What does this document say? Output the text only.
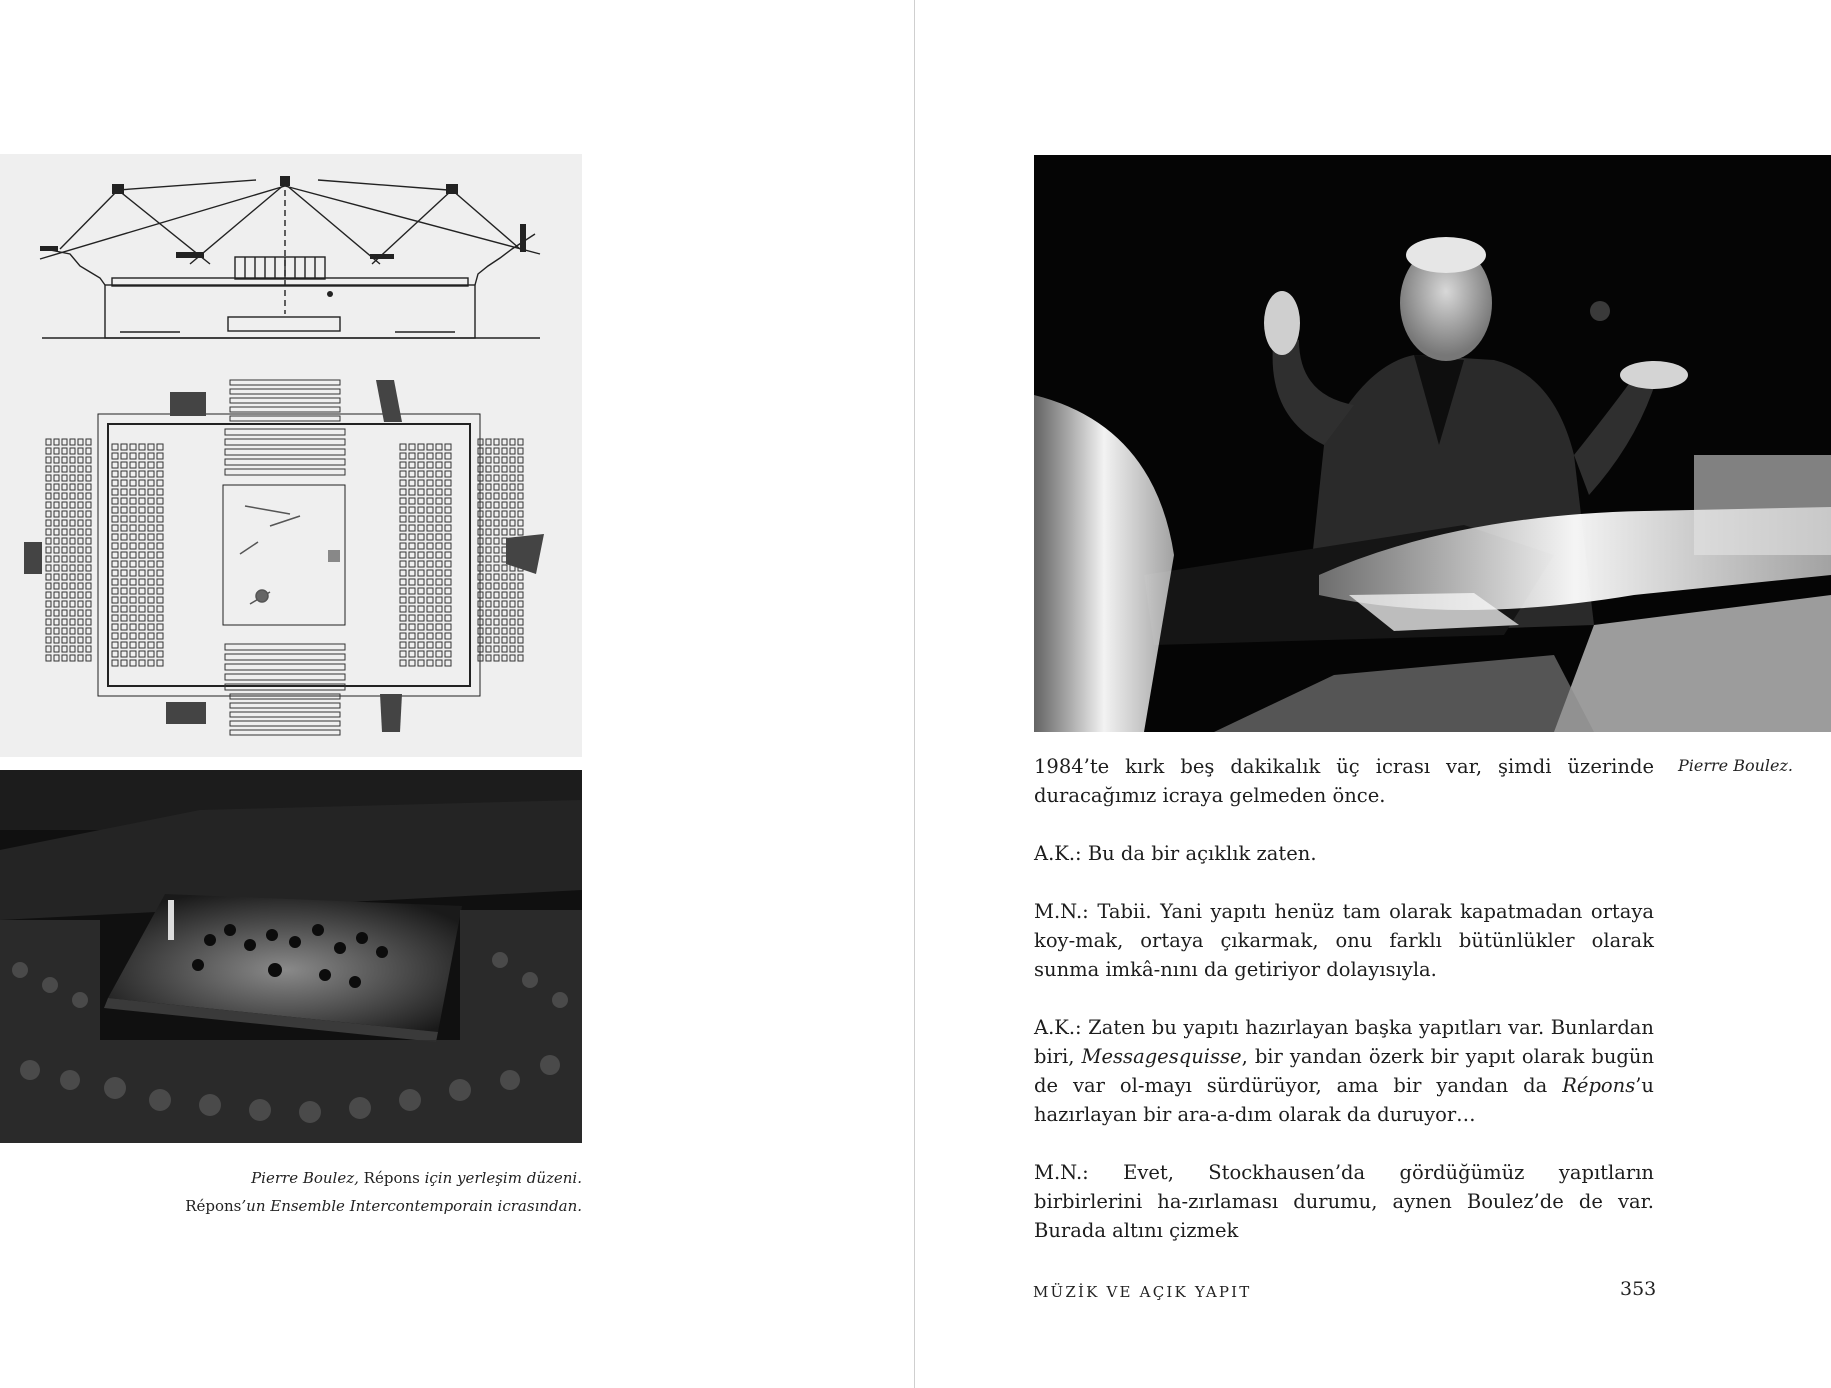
Pierre Boulez, Répons için yerleşim düzeni.
Répons’un Ensemble Intercontemporain icrasından.
Pierre Boulez.

1984’te kırk beş dakikalık üç icrası var, şimdi üzerinde duracağımız icraya gelmeden önce.

A.K.: Bu da bir açıklık zaten.

M.N.: Tabii. Yani yapıtı henüz tam olarak kapatmadan ortaya koy-mak, ortaya çıkarmak, onu farklı bütünlükler olarak sunma imkâ-nını da getiriyor dolayısıyla.

A.K.: Zaten bu yapıtı hazırlayan başka yapıtları var. Bunlardan biri, Messagesquisse, bir yandan özerk bir yapıt olarak bugün de var ol-mayı sürdürüyor, ama bir yandan da Répons’u hazırlayan bir ara-a-dım olarak da duruyor…

M.N.: Evet, Stockhausen’da gördüğümüz yapıtların birbirlerini ha-zırlaması durumu, aynen Boulez’de de var. Burada altını çizmek

MÜZİK VE AÇIK YAPIT	353
